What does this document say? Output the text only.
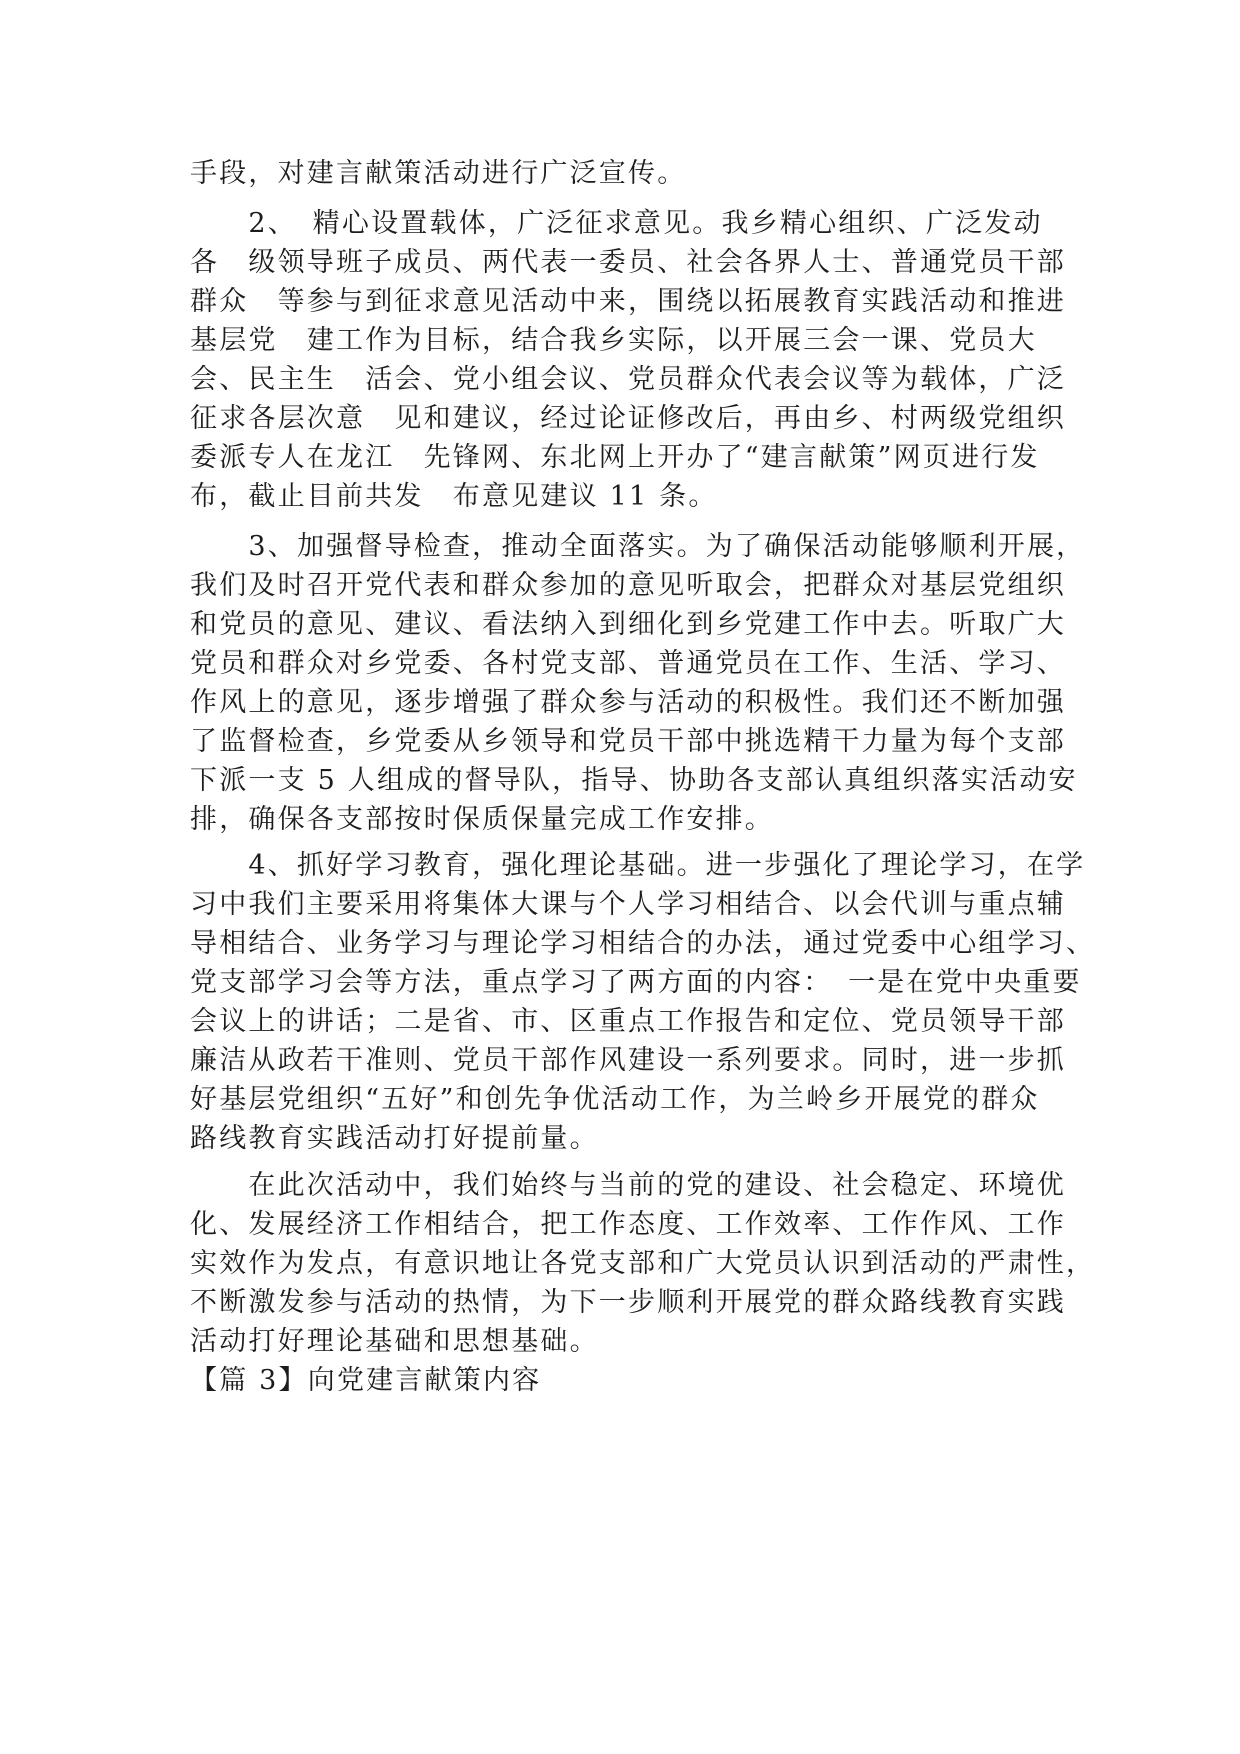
手段，对建言献策活动进行广泛宣传。
　　2、　精心设置载体，广泛征求意见。我乡精心组织、广泛发动
各　级领导班子成员、两代表一委员、社会各界人士、普通党员干部
群众　等参与到征求意见活动中来，围绕以拓展教育实践活动和推进
基层党　建工作为目标，结合我乡实际，以开展三会一课、党员大
会、民主生　活会、党小组会议、党员群众代表会议等为载体，广泛
征求各层次意　见和建议，经过论证修改后，再由乡、村两级党组织
委派专人在龙江　先锋网、东北网上开办了“建言献策”网页进行发
布，截止目前共发　布意见建议 11 条。
　　3、加强督导检查，推动全面落实。为了确保活动能够顺利开展，
我们及时召开党代表和群众参加的意见听取会，把群众对基层党组织
和党员的意见、建议、看法纳入到细化到乡党建工作中去。听取广大
党员和群众对乡党委、各村党支部、普通党员在工作、生活、学习、
作风上的意见，逐步增强了群众参与活动的积极性。我们还不断加强
了监督检查，乡党委从乡领导和党员干部中挑选精干力量为每个支部
下派一支 5 人组成的督导队，指导、协助各支部认真组织落实活动安
排，确保各支部按时保质保量完成工作安排。
　　4、抓好学习教育，强化理论基础。进一步强化了理论学习，在学
习中我们主要采用将集体大课与个人学习相结合、以会代训与重点辅
导相结合、业务学习与理论学习相结合的办法，通过党委中心组学习、
党支部学习会等方法，重点学习了两方面的内容：　一是在党中央重要
会议上的讲话；二是省、市、区重点工作报告和定位、党员领导干部
廉洁从政若干准则、党员干部作风建设一系列要求。同时，进一步抓
好基层党组织“五好”和创先争优活动工作，为兰岭乡开展党的群众
路线教育实践活动打好提前量。
　　在此次活动中，我们始终与当前的党的建设、社会稳定、环境优
化、发展经济工作相结合，把工作态度、工作效率、工作作风、工作
实效作为发点，有意识地让各党支部和广大党员认识到活动的严肃性，
不断激发参与活动的热情，为下一步顺利开展党的群众路线教育实践
活动打好理论基础和思想基础。
【篇 3】向党建言献策内容
